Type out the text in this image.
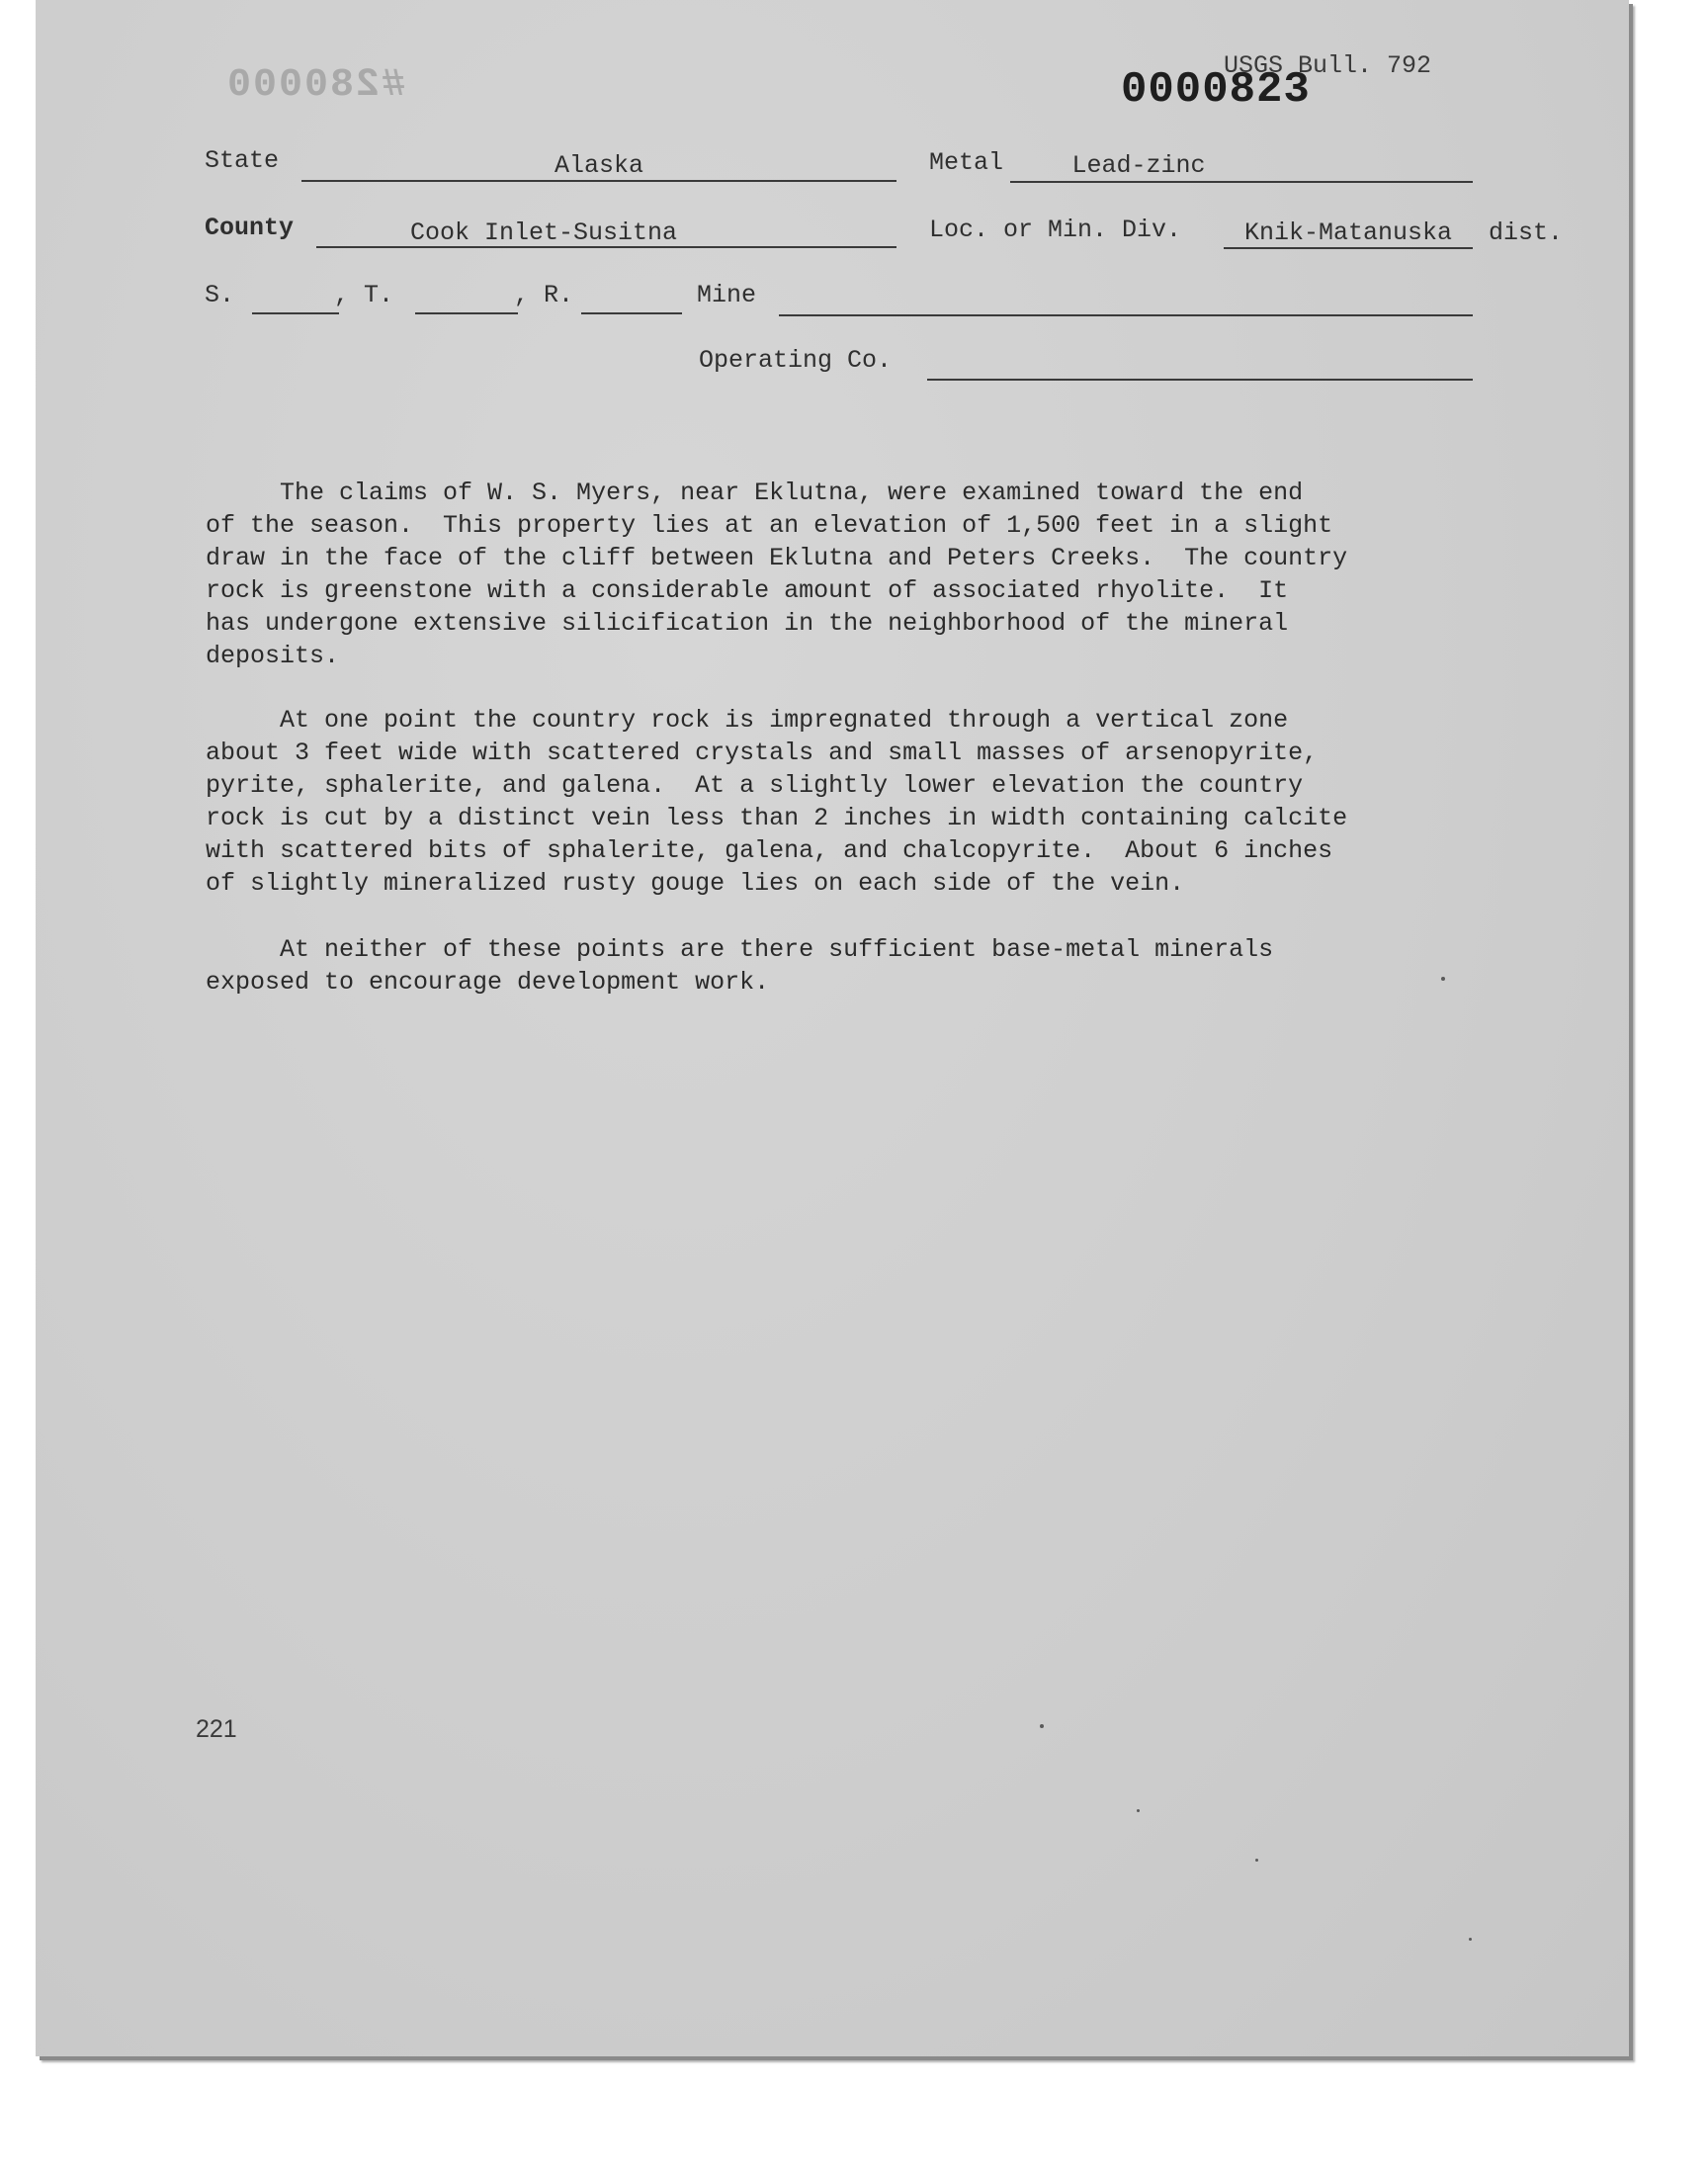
#280000	USGS Bull. 792
0000823
State	Alaska	Metal	Lead-zinc
County	Cook Inlet-Susitna	Loc. or Min. Div.	Knik-Matanuska	dist.
S.	, T.	, R.	Mine
Operating Co.
The claims of W. S. Myers, near Eklutna, were examined toward the end
of the season.  This property lies at an elevation of 1,500 feet in a slight
draw in the face of the cliff between Eklutna and Peters Creeks.  The country
rock is greenstone with a considerable amount of associated rhyolite.  It
has undergone extensive silicification in the neighborhood of the mineral
deposits.
At one point the country rock is impregnated through a vertical zone
about 3 feet wide with scattered crystals and small masses of arsenopyrite,
pyrite, sphalerite, and galena.  At a slightly lower elevation the country
rock is cut by a distinct vein less than 2 inches in width containing calcite
with scattered bits of sphalerite, galena, and chalcopyrite.  About 6 inches
of slightly mineralized rusty gouge lies on each side of the vein.
At neither of these points are there sufficient base-metal minerals
exposed to encourage development work.
221
